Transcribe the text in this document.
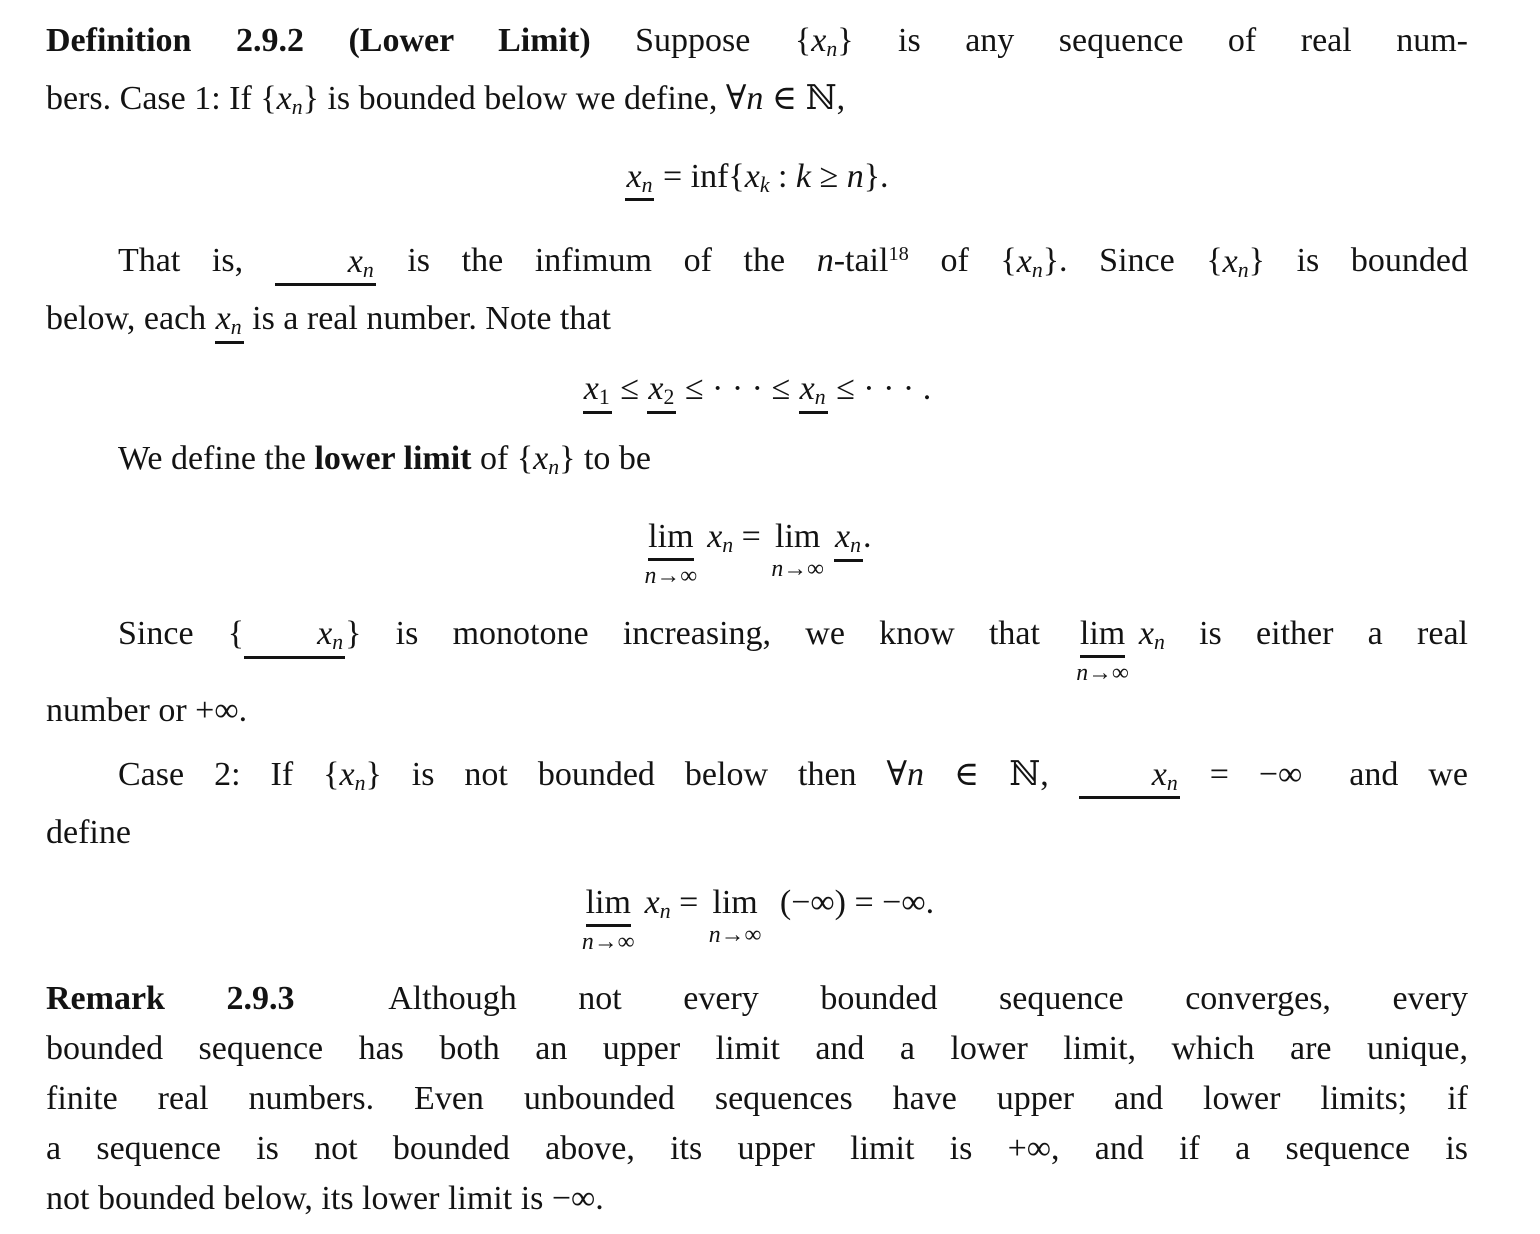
Definition 2.9.2 (Lower Limit) Suppose {xn} is any sequence of real num-
bers. Case 1: If {xn} is bounded below we define, ∀n ∈ ℕ,
xn = inf{xk : k ≥ n}.
That is, xn is the infimum of the n-tail$^{18}$ of {xn}. Since {xn} is bounded
below, each xn is a real number. Note that
x1 ≤ x2 ≤ · · · ≤ xn ≤ · · · .
We define the lower limit of {xn} to be
lim
n→∞
xn = lim
n→∞
xn.
Since { xn} is monotone increasing, we know that lim
n→∞
xn is either a real
number or +∞.
Case 2: If {xn} is not bounded below then ∀n ∈ ℕ, xn = −∞  and we
define
lim
n→∞
xn = lim
n→∞
(−∞) = −∞.
Remark 2.9.3  Although not every bounded sequence converges, every
bounded sequence has both an upper limit and a lower limit, which are unique,
finite real numbers. Even unbounded sequences have upper and lower limits; if
a sequence is not bounded above, its upper limit is +∞, and if a sequence is
not bounded below, its lower limit is −∞.
